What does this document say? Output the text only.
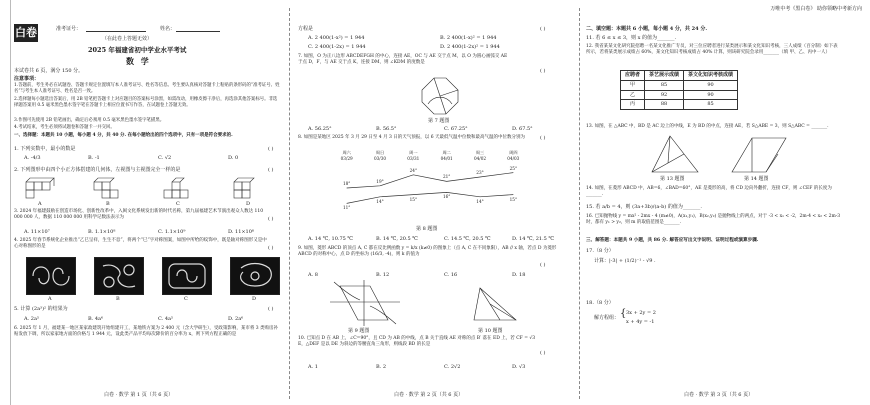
白卷	准考证号：	姓名：
（在此卷上答题无效）
2025 年福建省初中学业水平考试
数 学
本试卷共 6 页，满分 150 分。
注意事项：
1.答题前，考生务必在试题卷、答题卡规定位置填写本人准考证号、姓名等信息。考生要认真核对答题卡上粘贴的条形码的“准考证号、姓名”与考生本人准考证号、姓名是否一致。
2.选择题每小题选出答案后，用 2B 铅笔把答题卡上对应题目的答案标号涂黑，如需改动，用橡皮擦干净后，再选涂其他答案标号。非选择题答案用 0.5 毫米黑色墨水签字笔在答题卡上相应位置书写作答，在试题卷上答题无效。
3.作图可先使用 2B 铅笔画出，确定后必须用 0.5 毫米黑色墨水签字笔描黑。
4.考试结束，考生必须将试题卷和答题卡一并交回。
一、选择题：本题共 10 小题，每小题 4 分，共 40 分. 在每小题给出的四个选项中，只有一项是符合要求的.
1. 下列实数中，最小的数是	( )
A. -4/3	B. -1	C. √2	D. 0
2. 下列图形中由四个小正方体搭建的几何体，左视图与主视图完全一样的是	( )
A	B	C	D
3. 2024 年福建鼓励在创造市场化、创新性改革中，入闽文化系统发出新的时代名称，第九届福建艺术节演出观众人数达 110 000 000 人，数据 110 000 000 用科学记数法表示为	( )
A. 11×10⁷	B. 1.1×10⁸	C. 1.1×10⁹	D. 11×10⁸
4. 2025 年春节系统化企业推出“乙巳呈祥，生生不息”，将两个“巳”字对称图案，如图中所给的纹饰中，既是轴对称图形又是中心对称图形的是	( )
A	B	C	D
5. 计算 (2a³)² 的结果为	( )
A. 2a⁵	B. 4a⁶	C. 4a⁵	D. 2a⁶
6. 2025 年 1 月，福建某一地区某家政建筑开始组建开工，某地铁方案为 2 400 元（含大学研生），受政策影响，某市将 3 类购房补贴发放下调，所以家家地方面的价格与 1 944 元，设此类产品平均每次降价的百分率为 x，则下列方程正确的是
白卷 · 数学 第 1 页（共 6 页）
方程是	( )
A. 2 400(1-x²) = 1 944	B. 2 400(1-x)² = 1 944
C. 2 400(1-2x) = 1 944	D. 2 400(1-2x)² = 1 944
7. 如图，O 为正八边形 ABCDEFGH 的中心，连接 AE，OC 与 AE 交于点 M，以 O 为圆心画弧交 AE 于点 D，F，与 AE 交于点 K，连接 DM，则 ∠KDM 的度数是
( )
第 7 题图
A. 56.25°	B. 56.5°	C. 67.25°	D. 67.5°
8. 如图是某地区 2025 年 3 月 29 日至 4 月 3 日的天气预报，以 6 天最低气温中位数和最高气温的中位数分别为	( )
周六
03/29
18°
11°
周日
03/30
19°
14°
周一
03/31
24°
15°
周二
04/01
21°
16°
周三
04/02
23°
14°
周四
04/03
25°
15°
第 8 题图
A. 14 ℃, 10.75 ℃	B. 14 ℃, 20.5 ℃	C. 14.5 ℃, 20.5 ℃	D. 14 ℃, 21.5 ℃
9. 如图，菱形 ABCD 的顶点 A, C 都在反比例函数 y = k/x (k≠0) 的图象上（点 A, C 在不同象限），AB // x 轴，若点 D 为菱形 ABCD 的对称中心，点 D 的坐标为 (16/3, -4)，则 k 的值为
( )
A. 8	B. 12	C. 16	D. 18
第 9 题图	第 10 题图
10. 已知点 D 在 AB 上，∠C=90°，且 CD 为 AB 的中线，点 B 关于直线 AE 对称的点 B′ 落在 ED 上，若 CF = √3 E，△DEF 是以 DE 为斜边的等腰直角三角形，则线段 BD 的长是
( )
A. 1	B. 2	C. 2√2	D. √3
白卷 · 数学 第 2 页（共 6 页）
万唯中考《黑白卷》 助你领略中考新方向
二、填空题：本题共 6 小题，每小题 4 分，共 24 分.
11. 若 6 ≤ x ≤ 3，则 x 的值为_______.
12. 我省某某文化研究院招聘一名某文化推广专员，对三位应聘者进行某类展示和某文化知识考核，三人成绩（百分制）如下表所示，若将某类展示成绩占 60%，某文化知识考核成绩占 40% 计算，则该研究院会录用_______（填 甲、乙、丙中一人）
应聘者	茶艺展示成绩	茶文化知识考核成绩
甲	85	90
乙	92	90
丙	88	85
13. 如图，在 △ABC 中，BD 是 AC 边上的中线，E 为 BD 的中点，连接 AE，若 S△ABE = 3，则 S△ABC = _______.
第 13 题图	第 14 题图
14. 如图，在菱形 ABCD 中，AB=6，∠BAD=60°，AE 是菱形的高，将 CD 边向外翻折，连接 CF，则 ∠CEF 的长度为_______.
15. 若 a/b = 4，则 (3a+3b)/(a-b) 的值为_______.
16. 已知抛物线 y = mx² - 2mx - 4 (m≠0)，A(x₁,y₁)，B(x₂,y₂) 是抛物线上的两点，对于 -3 < x₁ < -2，2m-4 < x₂ < 2m-3 时，都有 y₁ > y₂，则 m 的取值范围是_______.
三、解答题：本题共 9 小题，共 86 分. 解答应写出文字说明、证明过程或演算步骤.
17.（8 分）
计算：|-3| + (1/2)⁻¹ - √9 .
18.（8 分）
解方程组： { 3x + 2y = 2
x + 4y = -1
白卷 · 数学 第 3 页（共 6 页）
